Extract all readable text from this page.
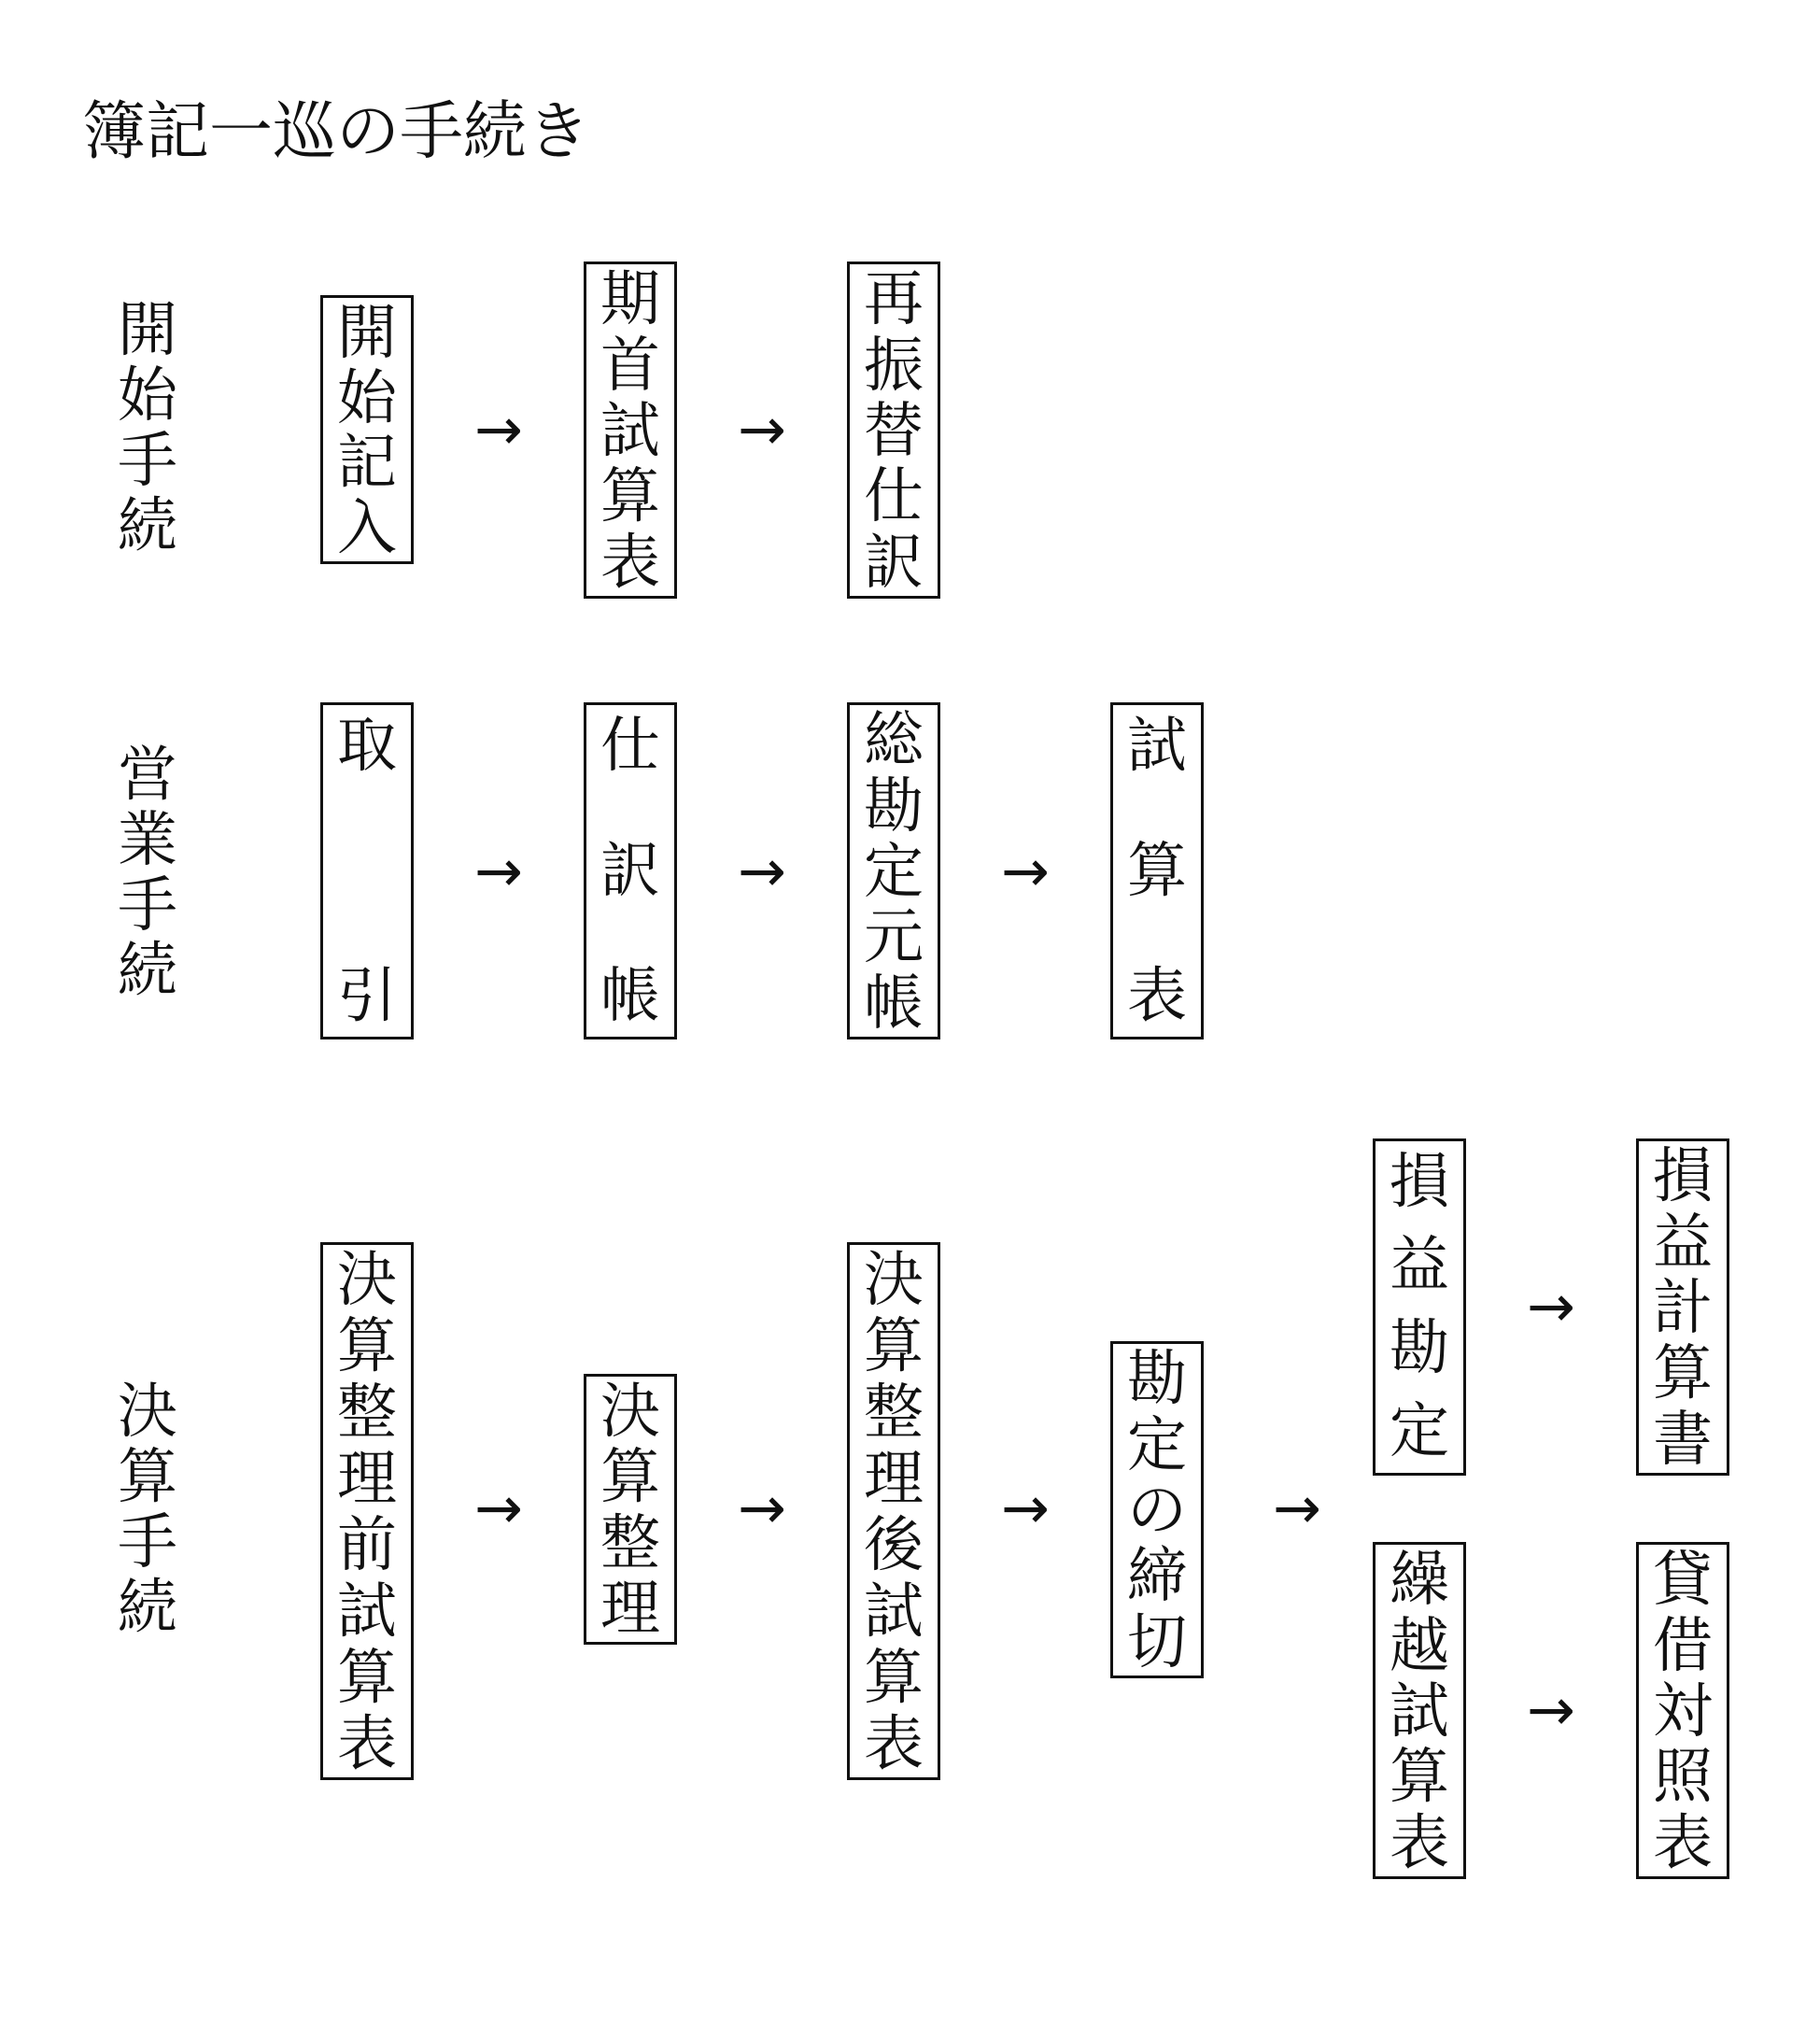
簿記一巡の手続き
開
始
手
続
開
始
記
入
→
期
首
試
算
表
→
再
振
替
仕
訳
営
業
手
続
取
引
→
仕
訳
帳
→
総
勘
定
元
帳
→
試
算
表
決
算
手
続
決
算
整
理
前
試
算
表
→
決
算
整
理
→
決
算
整
理
後
試
算
表
→
勘
定
の
締
切
→
損
益
勘
定
損
益
計
算
書
→
繰
越
試
算
表
貸
借
対
照
表
→
